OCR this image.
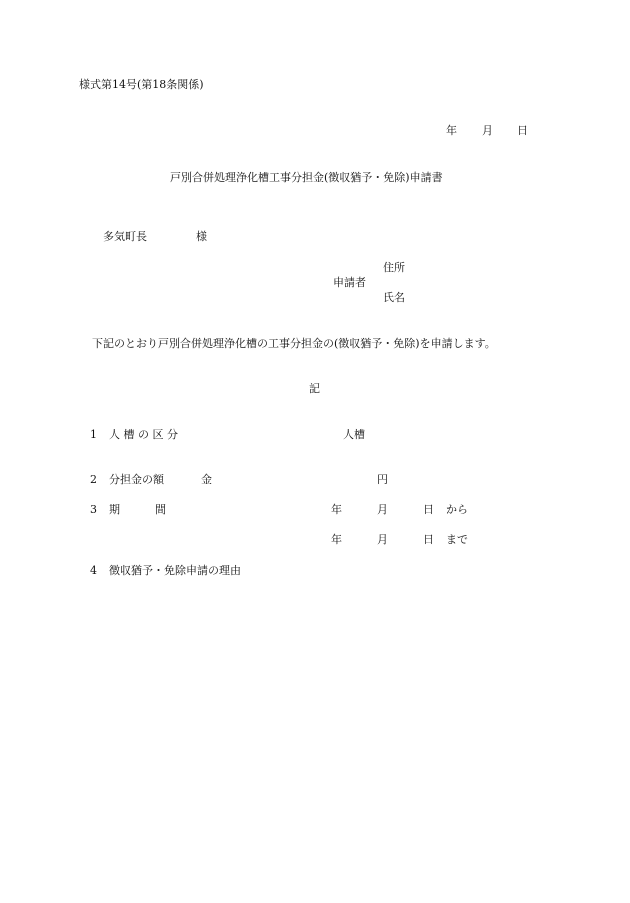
様式第14号(第18条関係)
年 月 日
戸別合併処理浄化槽工事分担金(徴収猶予・免除)申請書
多気町長	様
住所
申請者
氏名
下記のとおり戸別合併処理浄化槽の工事分担金の(徴収猶予・免除)を申請します。
記
1 人 槽 の 区 分	人槽
2 分担金の額	金	円
3 期	間	年	月	日 から
年	月	日 まで
4 徴収猶予・免除申請の理由
